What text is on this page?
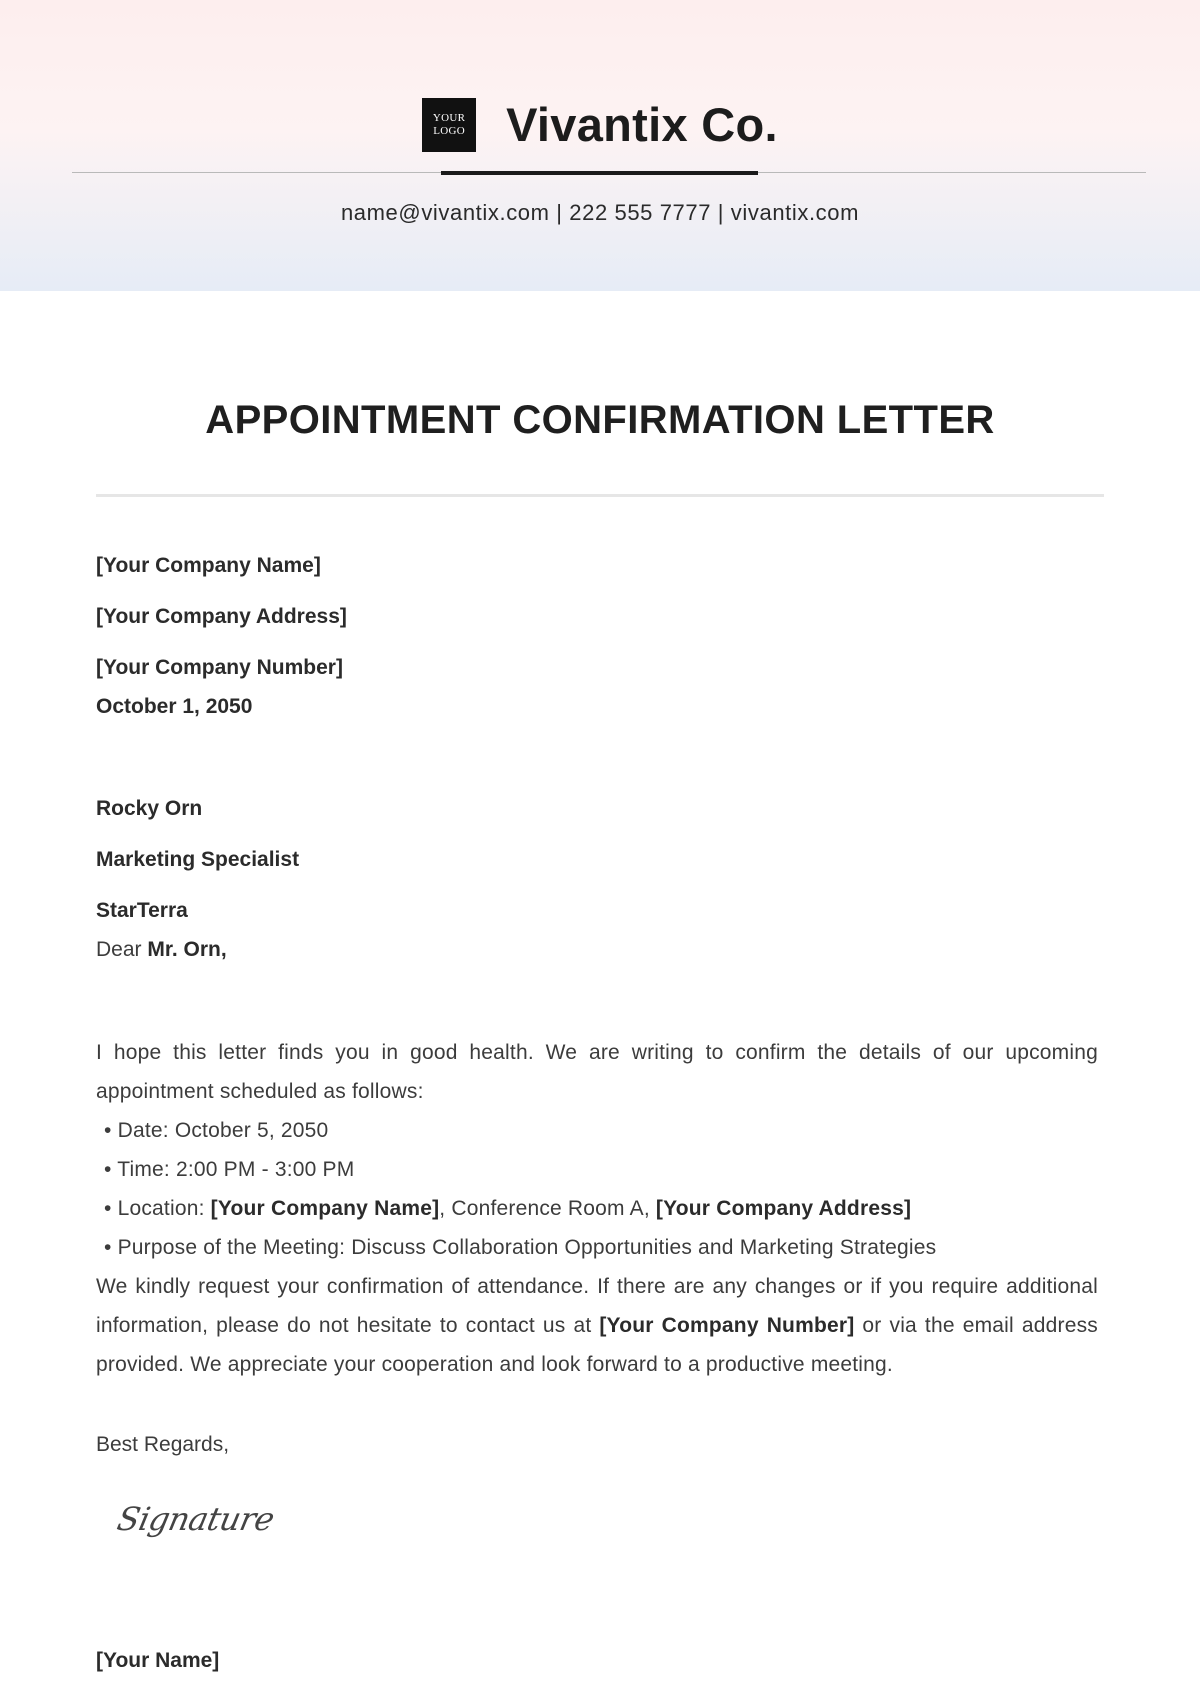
YOUR
LOGO Vivantix Co.
name@vivantix.com | 222 555 7777 | vivantix.com
APPOINTMENT CONFIRMATION LETTER
[Your Company Name]
[Your Company Address]
[Your Company Number]
October 1, 2050
Rocky Orn
Marketing Specialist
StarTerra
Dear Mr. Orn,
I hope this letter finds you in good health. We are writing to confirm the details of our upcoming appointment scheduled as follows:
• Date: October 5, 2050
• Time: 2:00 PM - 3:00 PM
• Location: [Your Company Name], Conference Room A, [Your Company Address]
• Purpose of the Meeting: Discuss Collaboration Opportunities and Marketing Strategies
We kindly request your confirmation of attendance. If there are any changes or if you require additional information, please do not hesitate to contact us at [Your Company Number] or via the email address provided. We appreciate your cooperation and look forward to a productive meeting.
Best Regards,
Signature
[Your Name]
